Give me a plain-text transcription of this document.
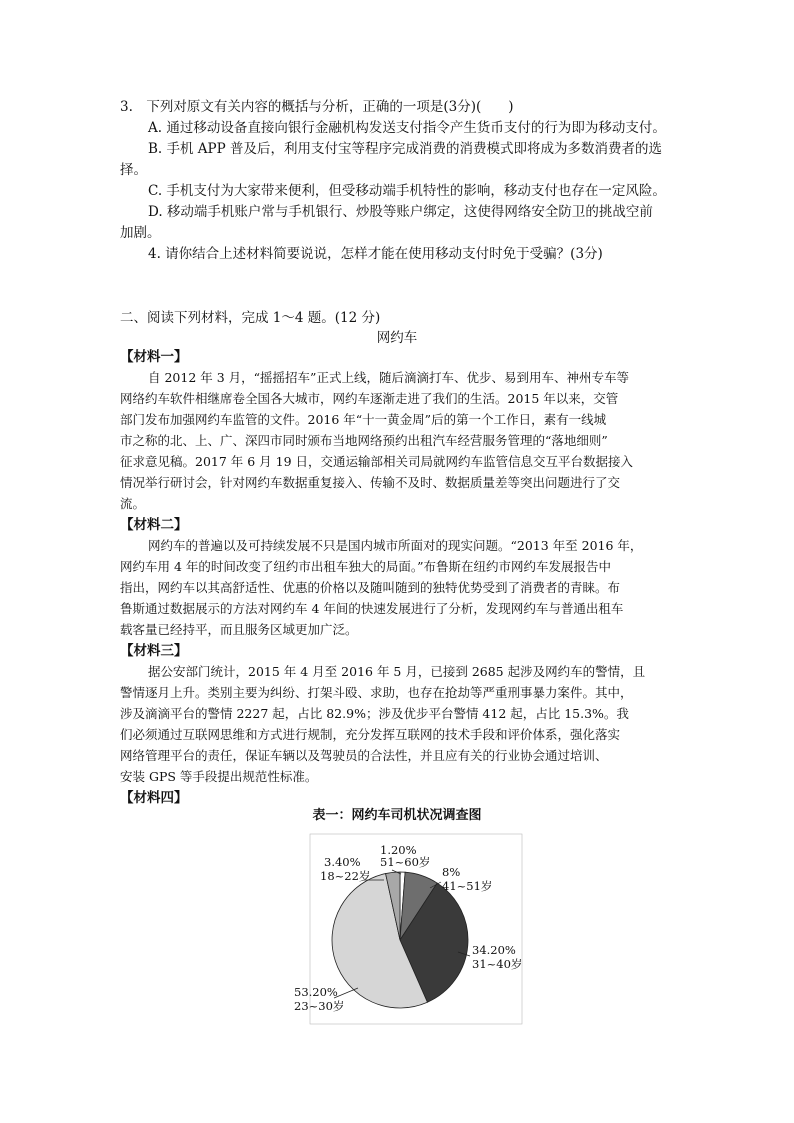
3.　下列对原文有关内容的概括与分析，正确的一项是(3分)(　　)
A. 通过移动设备直接向银行金融机构发送支付指令产生货币支付的行为即为移动支付。
B. 手机 APP 普及后，利用支付宝等程序完成消费的消费模式即将成为多数消费者的选
择。
C. 手机支付为大家带来便利，但受移动端手机特性的影响，移动支付也存在一定风险。
D. 移动端手机账户常与手机银行、炒股等账户绑定，这使得网络安全防卫的挑战空前
加剧。
4. 请你结合上述材料简要说说，怎样才能在使用移动支付时免于受骗？(3分)
二、阅读下列材料，完成 1～4 题。(12 分)
网约车
【材料一】
自 2012 年 3 月，“摇摇招车”正式上线，随后滴滴打车、优步、易到用车、神州专车等
网络约车软件相继席卷全国各大城市，网约车逐渐走进了我们的生活。2015 年以来，交管
部门发布加强网约车监管的文件。2016 年“十一黄金周”后的第一个工作日，素有一线城
市之称的北、上、广、深四市同时颁布当地网络预约出租汽车经营服务管理的“落地细则”
征求意见稿。2017 年 6 月 19 日，交通运输部相关司局就网约车监管信息交互平台数据接入
情况举行研讨会，针对网约车数据重复接入、传输不及时、数据质量差等突出问题进行了交
流。
【材料二】
网约车的普遍以及可持续发展不只是国内城市所面对的现实问题。“2013 年至 2016 年，
网约车用 4 年的时间改变了纽约市出租车独大的局面。”布鲁斯在纽约市网约车发展报告中
指出，网约车以其高舒适性、优惠的价格以及随叫随到的独特优势受到了消费者的青睐。布
鲁斯通过数据展示的方法对网约车 4 年间的快速发展进行了分析，发现网约车与普通出租车
载客量已经持平，而且服务区域更加广泛。
【材料三】
据公安部门统计，2015 年 4 月至 2016 年 5 月，已接到 2685 起涉及网约车的警情，且
警情逐月上升。类别主要为纠纷、打架斗殴、求助，也存在抢劫等严重刑事暴力案件。其中，
涉及滴滴平台的警情 2227 起，占比 82.9%；涉及优步平台警情 412 起，占比 15.3%。我
们必须通过互联网思维和方式进行规制，充分发挥互联网的技术手段和评价体系，强化落实
网络管理平台的责任，保证车辆以及驾驶员的合法性，并且应有关的行业协会通过培训、
安装 GPS 等手段提出规范性标准。
【材料四】
表一：网约车司机状况调查图
1.20%
51~60岁
8%
41~51岁
34.20%
31~40岁
53.20%
23~30岁
3.40%
18~22岁
